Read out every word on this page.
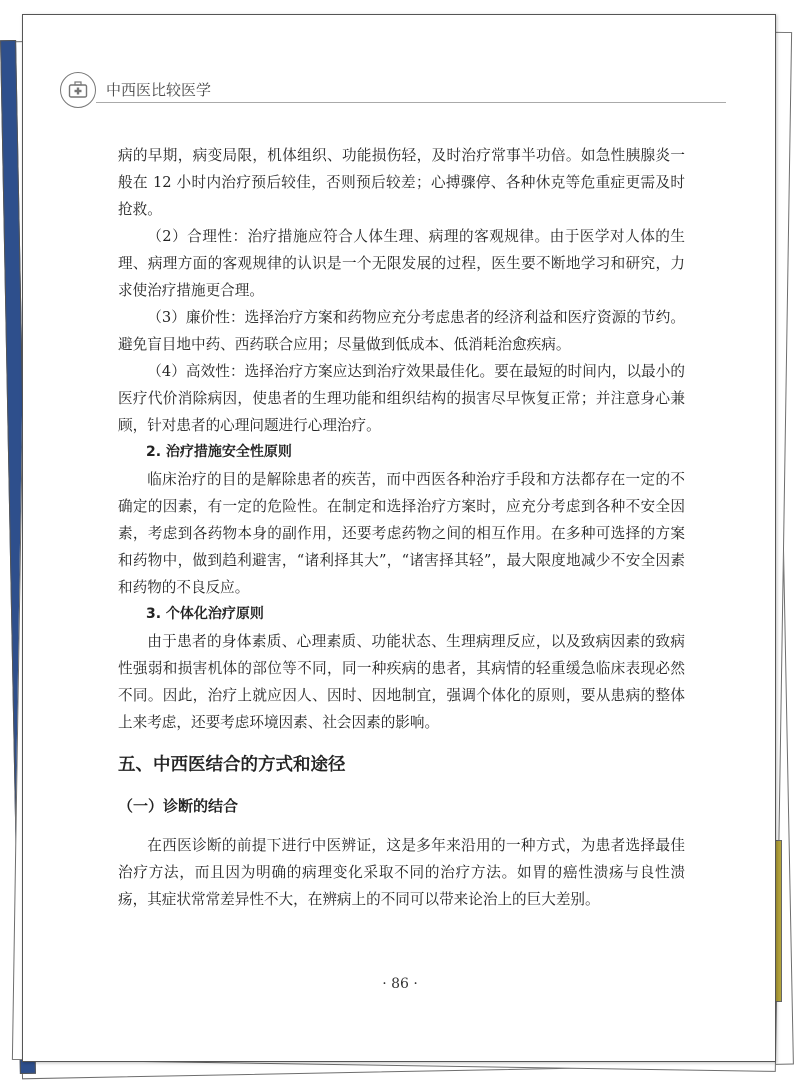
中西医比较医学

病的早期，病变局限，机体组织、功能损伤轻，及时治疗常事半功倍。如急性胰腺炎一般在 12 小时内治疗预后较佳，否则预后较差；心搏骤停、各种休克等危重症更需及时抢救。

（2）合理性：治疗措施应符合人体生理、病理的客观规律。由于医学对人体的生理、病理方面的客观规律的认识是一个无限发展的过程，医生要不断地学习和研究，力求使治疗措施更合理。

（3）廉价性：选择治疗方案和药物应充分考虑患者的经济利益和医疗资源的节约。避免盲目地中药、西药联合应用；尽量做到低成本、低消耗治愈疾病。

（4）高效性：选择治疗方案应达到治疗效果最佳化。要在最短的时间内，以最小的医疗代价消除病因，使患者的生理功能和组织结构的损害尽早恢复正常；并注意身心兼顾，针对患者的心理问题进行心理治疗。

2. 治疗措施安全性原则

临床治疗的目的是解除患者的疾苦，而中西医各种治疗手段和方法都存在一定的不确定的因素，有一定的危险性。在制定和选择治疗方案时，应充分考虑到各种不安全因素，考虑到各药物本身的副作用，还要考虑药物之间的相互作用。在多种可选择的方案和药物中，做到趋利避害，“诸利择其大”，“诸害择其轻”，最大限度地减少不安全因素和药物的不良反应。

3. 个体化治疗原则

由于患者的身体素质、心理素质、功能状态、生理病理反应，以及致病因素的致病性强弱和损害机体的部位等不同，同一种疾病的患者，其病情的轻重缓急临床表现必然不同。因此，治疗上就应因人、因时、因地制宜，强调个体化的原则，要从患病的整体上来考虑，还要考虑环境因素、社会因素的影响。

五、中西医结合的方式和途径
（一）诊断的结合

在西医诊断的前提下进行中医辨证，这是多年来沿用的一种方式，为患者选择最佳治疗方法，而且因为明确的病理变化采取不同的治疗方法。如胃的癌性溃疡与良性溃疡，其症状常常差异性不大，在辨病上的不同可以带来论治上的巨大差别。

· 86 ·
